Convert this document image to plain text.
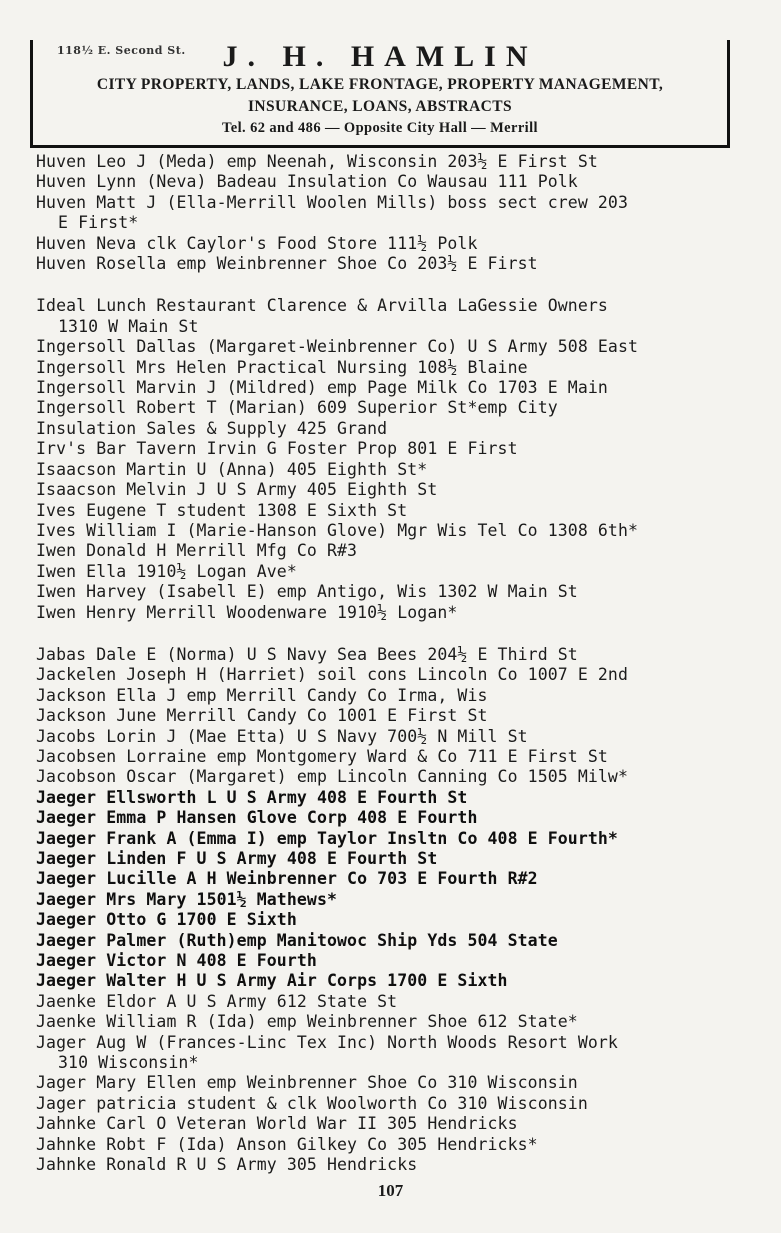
118½ E. Second St.	J. H. HAMLIN
CITY PROPERTY, LANDS, LAKE FRONTAGE, PROPERTY MANAGEMENT,
INSURANCE, LOANS, ABSTRACTS
Tel. 62 and 486 — Opposite City Hall — Merrill
Huven Leo J (Meda) emp Neenah, Wisconsin 203½ E First St
Huven Lynn (Neva) Badeau Insulation Co Wausau 111 Polk
Huven Matt J (Ella-Merrill Woolen Mills) boss sect crew 203
E First*
Huven Neva clk Caylor's Food Store 111½ Polk
Huven Rosella emp Weinbrenner Shoe Co 203½ E First
Ideal Lunch Restaurant Clarence & Arvilla LaGessie Owners
1310 W Main St
Ingersoll Dallas (Margaret-Weinbrenner Co) U S Army 508 East
Ingersoll Mrs Helen Practical Nursing 108½ Blaine
Ingersoll Marvin J (Mildred) emp Page Milk Co 1703 E Main
Ingersoll Robert T (Marian) 609 Superior St*emp City
Insulation Sales & Supply 425 Grand
Irv's Bar Tavern Irvin G Foster Prop 801 E First
Isaacson Martin U (Anna) 405 Eighth St*
Isaacson Melvin J U S Army 405 Eighth St
Ives Eugene T student 1308 E Sixth St
Ives William I (Marie-Hanson Glove) Mgr Wis Tel Co 1308 6th*
Iwen Donald H Merrill Mfg Co R#3
Iwen Ella 1910½ Logan Ave*
Iwen Harvey (Isabell E) emp Antigo, Wis 1302 W Main St
Iwen Henry Merrill Woodenware 1910½ Logan*
Jabas Dale E (Norma) U S Navy Sea Bees 204½ E Third St
Jackelen Joseph H (Harriet) soil cons Lincoln Co 1007 E 2nd
Jackson Ella J emp Merrill Candy Co Irma, Wis
Jackson June Merrill Candy Co 1001 E First St
Jacobs Lorin J (Mae Etta) U S Navy 700½ N Mill St
Jacobsen Lorraine emp Montgomery Ward & Co 711 E First St
Jacobson Oscar (Margaret) emp Lincoln Canning Co 1505 Milw*
Jaeger Ellsworth L U S Army 408 E Fourth St
Jaeger Emma P Hansen Glove Corp 408 E Fourth
Jaeger Frank A (Emma I) emp Taylor Insltn Co 408 E Fourth*
Jaeger Linden F U S Army 408 E Fourth St
Jaeger Lucille A H Weinbrenner Co 703 E Fourth R#2
Jaeger Mrs Mary 1501½ Mathews*
Jaeger Otto G 1700 E Sixth
Jaeger Palmer (Ruth)emp Manitowoc Ship Yds 504 State
Jaeger Victor N 408 E Fourth
Jaeger Walter H U S Army Air Corps 1700 E Sixth
Jaenke Eldor A U S Army 612 State St
Jaenke William R (Ida) emp Weinbrenner Shoe 612 State*
Jager Aug W (Frances-Linc Tex Inc) North Woods Resort Work
310 Wisconsin*
Jager Mary Ellen emp Weinbrenner Shoe Co 310 Wisconsin
Jager patricia student & clk Woolworth Co 310 Wisconsin
Jahnke Carl O Veteran World War II 305 Hendricks
Jahnke Robt F (Ida) Anson Gilkey Co 305 Hendricks*
Jahnke Ronald R U S Army 305 Hendricks
107
